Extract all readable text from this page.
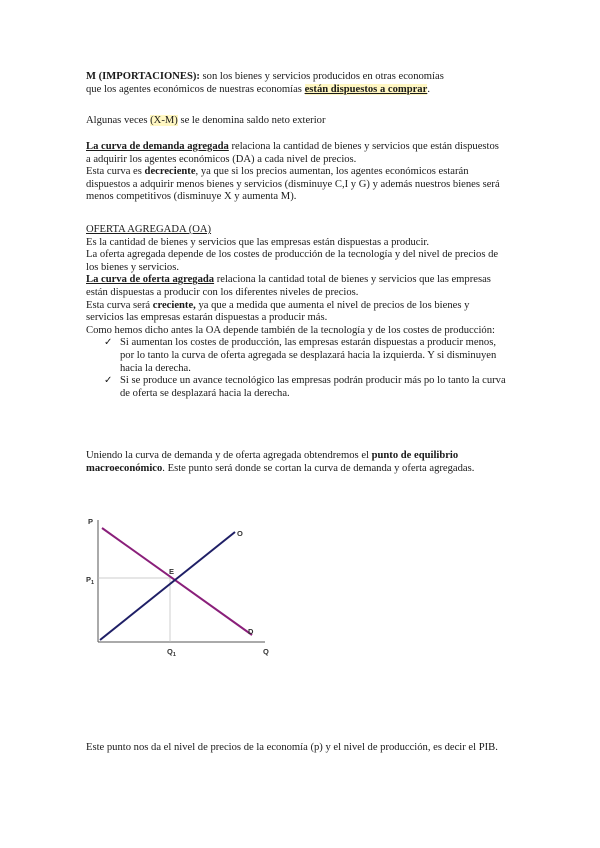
M (IMPORTACIONES): son los bienes y servicios producidos en otras economías
que los agentes económicos de nuestras economías están dispuestos a comprar.

Algunas veces (X-M) se le denomina saldo neto exterior

La curva de demanda agregada relaciona la cantidad de bienes y servicios que están dispuestos a adquirir los agentes económicos (DA) a cada nivel de precios.
Esta curva es decreciente, ya que si los precios aumentan, los agentes económicos estarán dispuestos a adquirir menos bienes y servicios (disminuye C,I y G) y además nuestros bienes será menos competitivos (disminuye X y aumenta M).

OFERTA AGREGADA (OA)

Es la cantidad de bienes y servicios que las empresas están dispuestas a producir.

La oferta agregada depende de los costes de producción de la tecnología y del nivel de precios de los bienes y servicios.

La curva de oferta agregada relaciona la cantidad total de bienes y servicios que las empresas están dispuestas a producir con los diferentes niveles de precios.

Esta curva será creciente, ya que a medida que aumenta el nivel de precios de los bienes y servicios las empresas estarán dispuestas a producir más.

Como hemos dicho antes la OA depende también de la tecnología y de los costes de producción:

✓ Si aumentan los costes de producción, las empresas estarán dispuestas a producir menos, por lo tanto la curva de oferta agregada se desplazará hacia la izquierda. Y si disminuyen hacia la derecha.
✓ Si se produce un avance tecnológico las empresas podrán producir más po lo tanto la curva de oferta se desplazará hacia la derecha.

Uniendo la curva de demanda y de oferta agregada obtendremos el punto de equilibrio macroeconómico. Este punto será donde se cortan la curva de demanda y oferta agregadas.

P
$P_1$
E
O
D
$Q_1$	Q

Este punto nos da el nivel de precios de la economía (p) y el nivel de producción, es decir el PIB.
